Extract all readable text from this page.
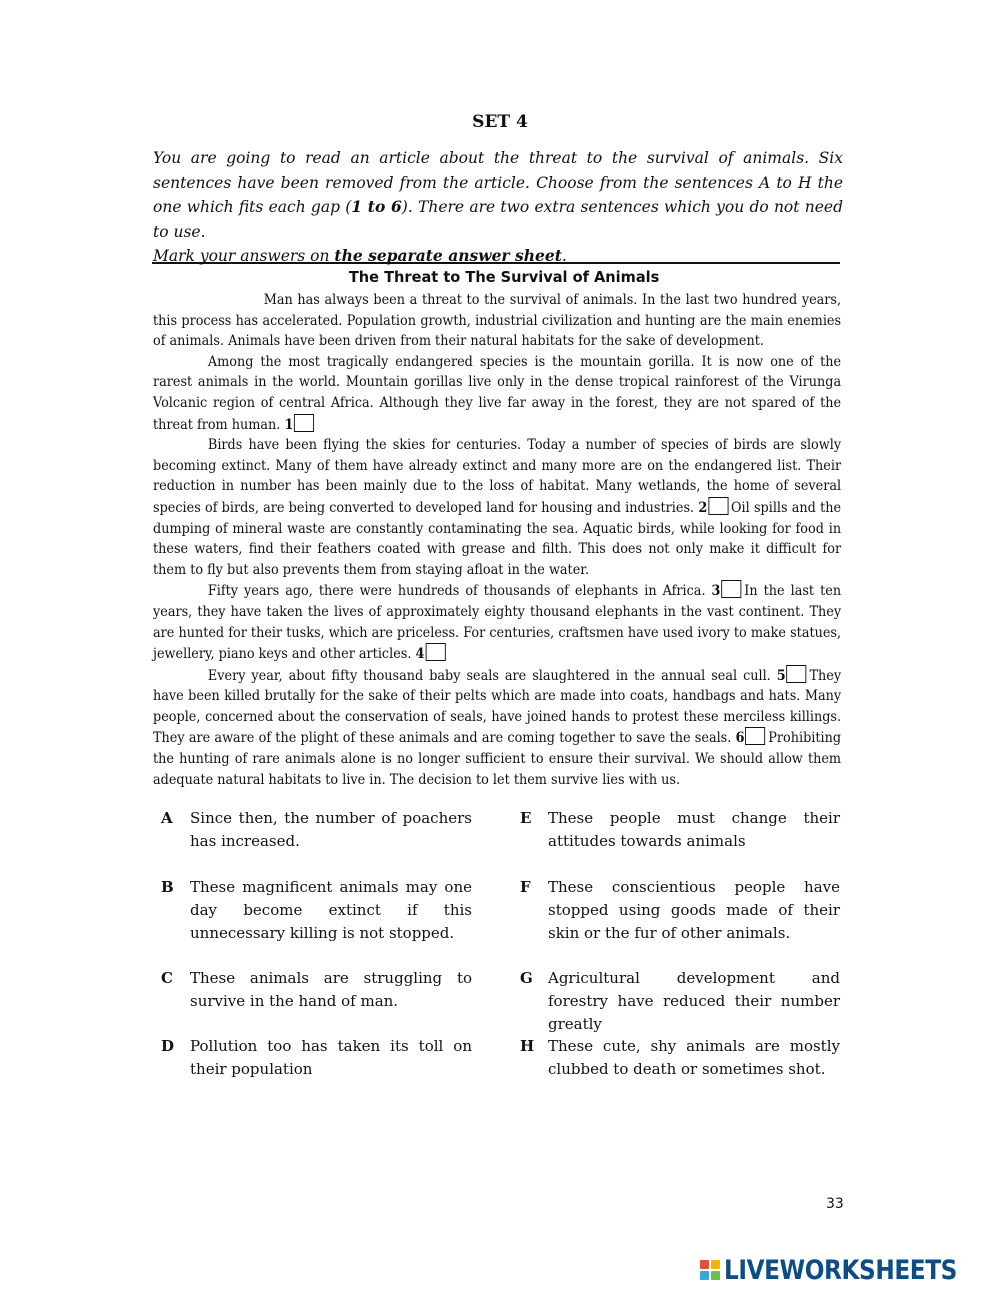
SET 4
You are going to read an article about the threat to the survival of animals. Six sentences have been removed from the article. Choose from the sentences A to H the one which fits each gap (1 to 6). There are two extra sentences which you do not need to use.
Mark your answers on the separate answer sheet.
The Threat to The Survival of Animals

Man has always been a threat to the survival of animals. In the last two hundred years, this process has accelerated. Population growth, industrial civilization and hunting are the main enemies of animals. Animals have been driven from their natural habitats for the sake of development.

Among the most tragically endangered species is the mountain gorilla. It is now one of the rarest animals in the world. Mountain gorillas live only in the dense tropical rainforest of the Virunga Volcanic region of central Africa. Although they live far away in the forest, they are not spared of the threat from human. 1

Birds have been flying the skies for centuries. Today a number of species of birds are slowly becoming extinct. Many of them have already extinct and many more are on the endangered list. Their reduction in number has been mainly due to the loss of habitat. Many wetlands, the home of several species of birds, are being converted to developed land for housing and industries. 2 Oil spills and the dumping of mineral waste are constantly contaminating the sea. Aquatic birds, while looking for food in these waters, find their feathers coated with grease and filth. This does not only make it difficult for them to fly but also prevents them from staying afloat in the water.

Fifty years ago, there were hundreds of thousands of elephants in Africa. 3 In the last ten years, they have taken the lives of approximately eighty thousand elephants in the vast continent. They are hunted for their tusks, which are priceless. For centuries, craftsmen have used ivory to make statues, jewellery, piano keys and other articles. 4

Every year, about fifty thousand baby seals are slaughtered in the annual seal cull. 5 They have been killed brutally for the sake of their pelts which are made into coats, handbags and hats. Many people, concerned about the conservation of seals, have joined hands to protest these merciless killings. They are aware of the plight of these animals and are coming together to save the seals. 6 Prohibiting the hunting of rare animals alone is no longer sufficient to ensure their survival. We should allow them adequate natural habitats to live in. The decision to let them survive lies with us.

A Since then, the number of poachers has increased.
B These magnificent animals may one day become extinct if this unnecessary killing is not stopped.
C These animals are struggling to survive in the hand of man.
D Pollution too has taken its toll on their population
E These people must change their attitudes towards animals
F These conscientious people have stopped using goods made of their skin or the fur of other animals.
G Agricultural development and forestry have reduced their number greatly
H These cute, shy animals are mostly clubbed to death or sometimes shot.
33
LIVEWORKSHEETS
